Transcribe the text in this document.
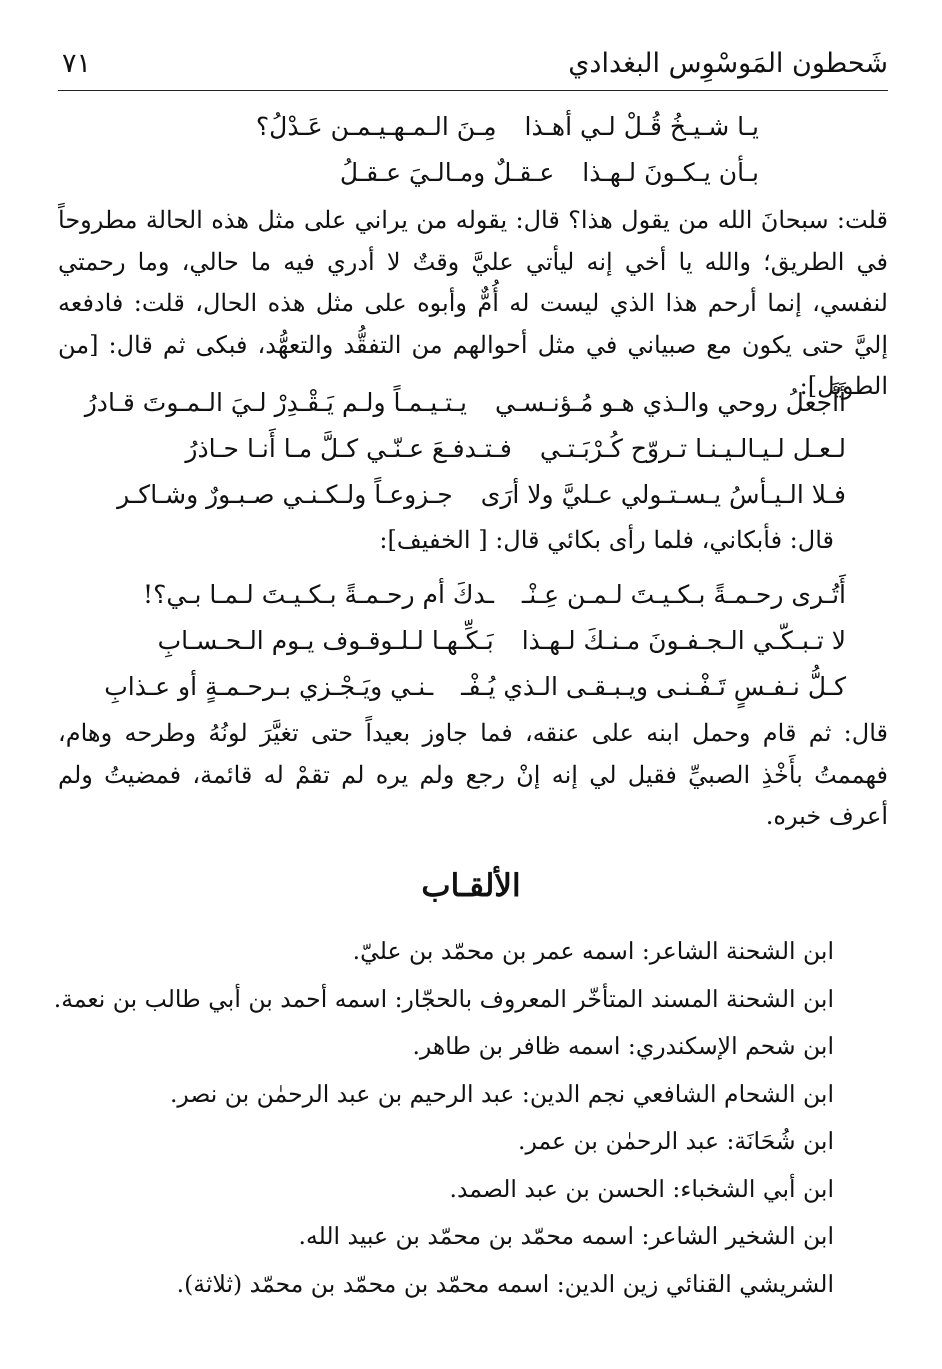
شَحطون المَوسْوِس البغدادي
٧١
يـا شـيـخُ قُـلْ لـي أهـذا
مِـنَ الـمـهـيـمـن عَـدْلُ؟
بـأن يـكـونَ لـهـذا
عـقـلٌ ومـالـيَ عـقـلُ

قلت: سبحانَ الله من يقول هذا؟ قال: يقوله من يراني على مثل هذه الحالة مطروحاً في الطريق؛ والله يا أخي إنه ليأتي عليَّ وقتٌ لا أدري فيه ما حالي، وما رحمتي لنفسي، إنما أرحم هذا الذي ليست له أُمٌّ وأبوه على مثل هذه الحال، قلت: فادفعه إليَّ حتى يكون مع صبياني في مثل أحوالهم من التفقُّد والتعهُّد، فبكى ثم قال: [من الطويل]:

أَأَجعلُ روحي والـذي هـو مُـؤنـسـي
يـتـيـمـاً ولـم يَـقْـدِرْ لـيَ الـمـوتَ قـادرُ
لـعـل لـيـالـيـنـا تـروّح كُـرْبَـتـي
فـتـدفـعَ عـنّـي كـلَّ مـا أَنـا حـاذرُ
فـلا الـيـأسُ يـسـتـولي عـليَّ ولا أرَى
جـزوعـاً ولـكـنـي صـبـورٌ وشـاكـر

قال: فأبكاني، فلما رأى بكائي قال: [ الخفيف]:

أَتُـرى رحـمـةً بـكـيـتَ لـمـن عِـنْـ
ـدكَ أم رحـمـةً بـكـيـتَ لـمـا بـي؟!
لا تـبـكّـي الـجـفـونَ مـنـكَ لـهـذا
بَـكِّـهـا لـلـوقـوف يـوم الـحـسـابِ
كـلُّ نـفـسٍ تَـفْـنـى ويـبـقـى الـذي يُـفْـ
ـنـي ويَـجْـزي بـرحـمـةٍ أو عـذابِ

قال: ثم قام وحمل ابنه على عنقه، فما جاوز بعيداً حتى تغيَّرَ لونُهُ وطرحه وهام، فهممتُ بأَخْذِ الصبيِّ فقيل لي إنه إنْ رجع ولم يره لم تقمْ له قائمة، فمضيتُ ولم أعرف خبره.

الألقـاب
ابن الشحنة الشاعر: اسمه عمر بن محمّد بن عليّ.
ابن الشحنة المسند المتأخّر المعروف بالحجّار: اسمه أحمد بن أبي طالب بن نعمة.
ابن شحم الإسكندري: اسمه ظافر بن طاهر.
ابن الشحام الشافعي نجم الدين: عبد الرحيم بن عبد الرحمٰن بن نصر.
ابن شُحَانَة: عبد الرحمٰن بن عمر.
ابن أبي الشخباء: الحسن بن عبد الصمد.
ابن الشخير الشاعر: اسمه محمّد بن محمّد بن عبيد الله.
الشريشي القنائي زين الدين: اسمه محمّد بن محمّد بن محمّد (ثلاثة).
